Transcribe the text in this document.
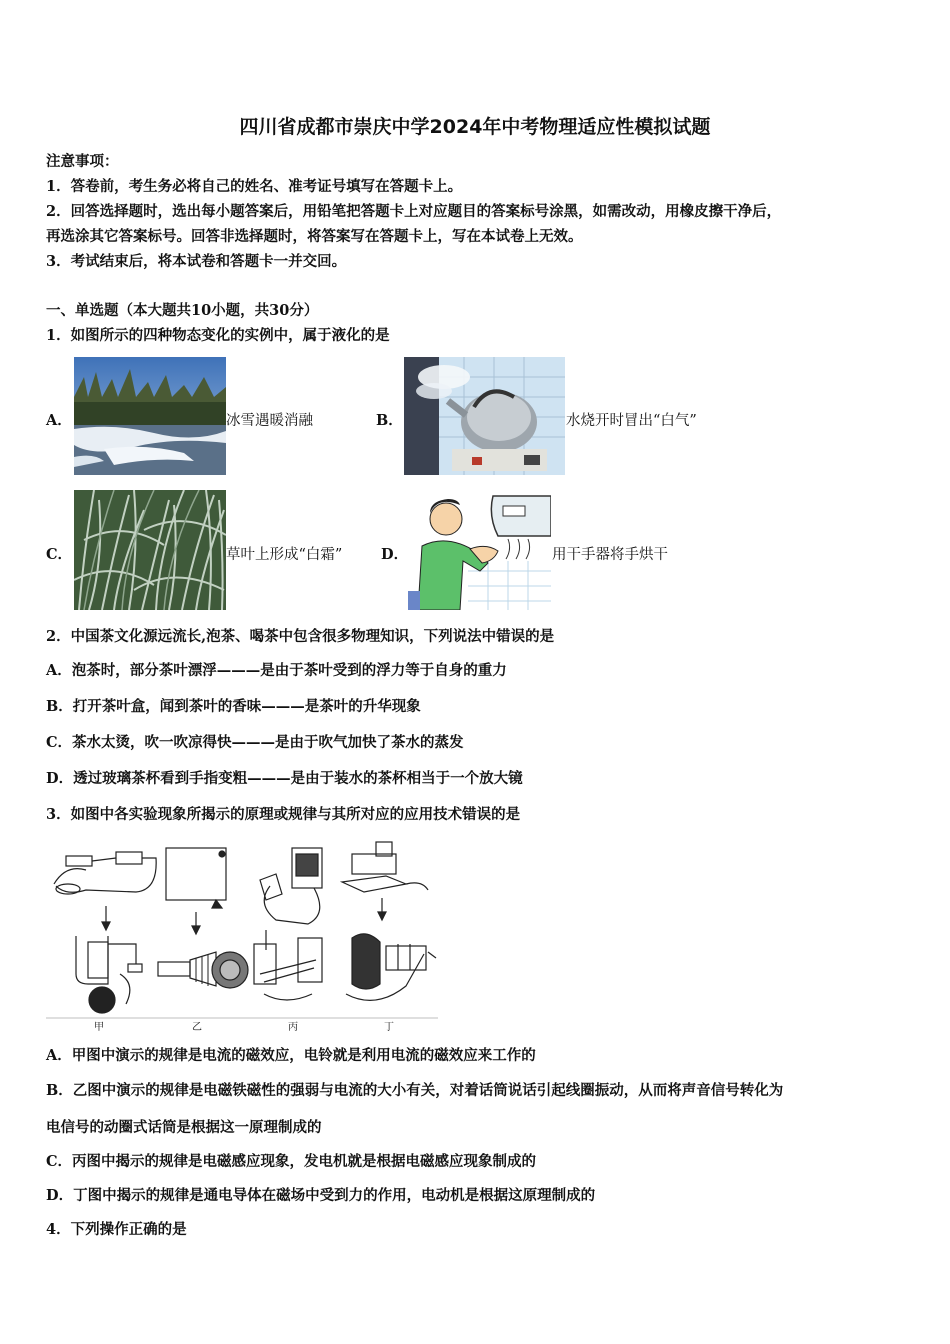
四川省成都市崇庆中学2024年中考物理适应性模拟试题
注意事项：
1．答卷前，考生务必将自己的姓名、准考证号填写在答题卡上。
2．回答选择题时，选出每小题答案后，用铅笔把答题卡上对应题目的答案标号涂黑，如需改动，用橡皮擦干净后，
再选涂其它答案标号。回答非选择题时，将答案写在答题卡上，写在本试卷上无效。
3．考试结束后，将本试卷和答题卡一并交回。
一、单选题（本大题共10小题，共30分）
1．如图所示的四种物态变化的实例中，属于液化的是
A．	冰雪遇暖消融	B．	水烧开时冒出“白气”
C．	草叶上形成“白霜”	D．	用干手器将手烘干
2．中国茶文化源远流长,泡茶、喝茶中包含很多物理知识，下列说法中错误的是
A．泡茶时，部分茶叶漂浮———是由于茶叶受到的浮力等于自身的重力
B．打开茶叶盒，闻到茶叶的香味———是茶叶的升华现象
C．茶水太烫，吹一吹凉得快———是由于吹气加快了茶水的蒸发
D．透过玻璃茶杯看到手指变粗———是由于装水的茶杯相当于一个放大镜
3．如图中各实验现象所揭示的原理或规律与其所对应的应用技术错误的是
甲	乙	丙	丁
A．甲图中演示的规律是电流的磁效应，电铃就是利用电流的磁效应来工作的
B．乙图中演示的规律是电磁铁磁性的强弱与电流的大小有关，对着话筒说话引起线圈振动，从而将声音信号转化为
电信号的动圈式话筒是根据这一原理制成的
C．丙图中揭示的规律是电磁感应现象，发电机就是根据电磁感应现象制成的
D．丁图中揭示的规律是通电导体在磁场中受到力的作用，电动机是根据这原理制成的
4．下列操作正确的是
